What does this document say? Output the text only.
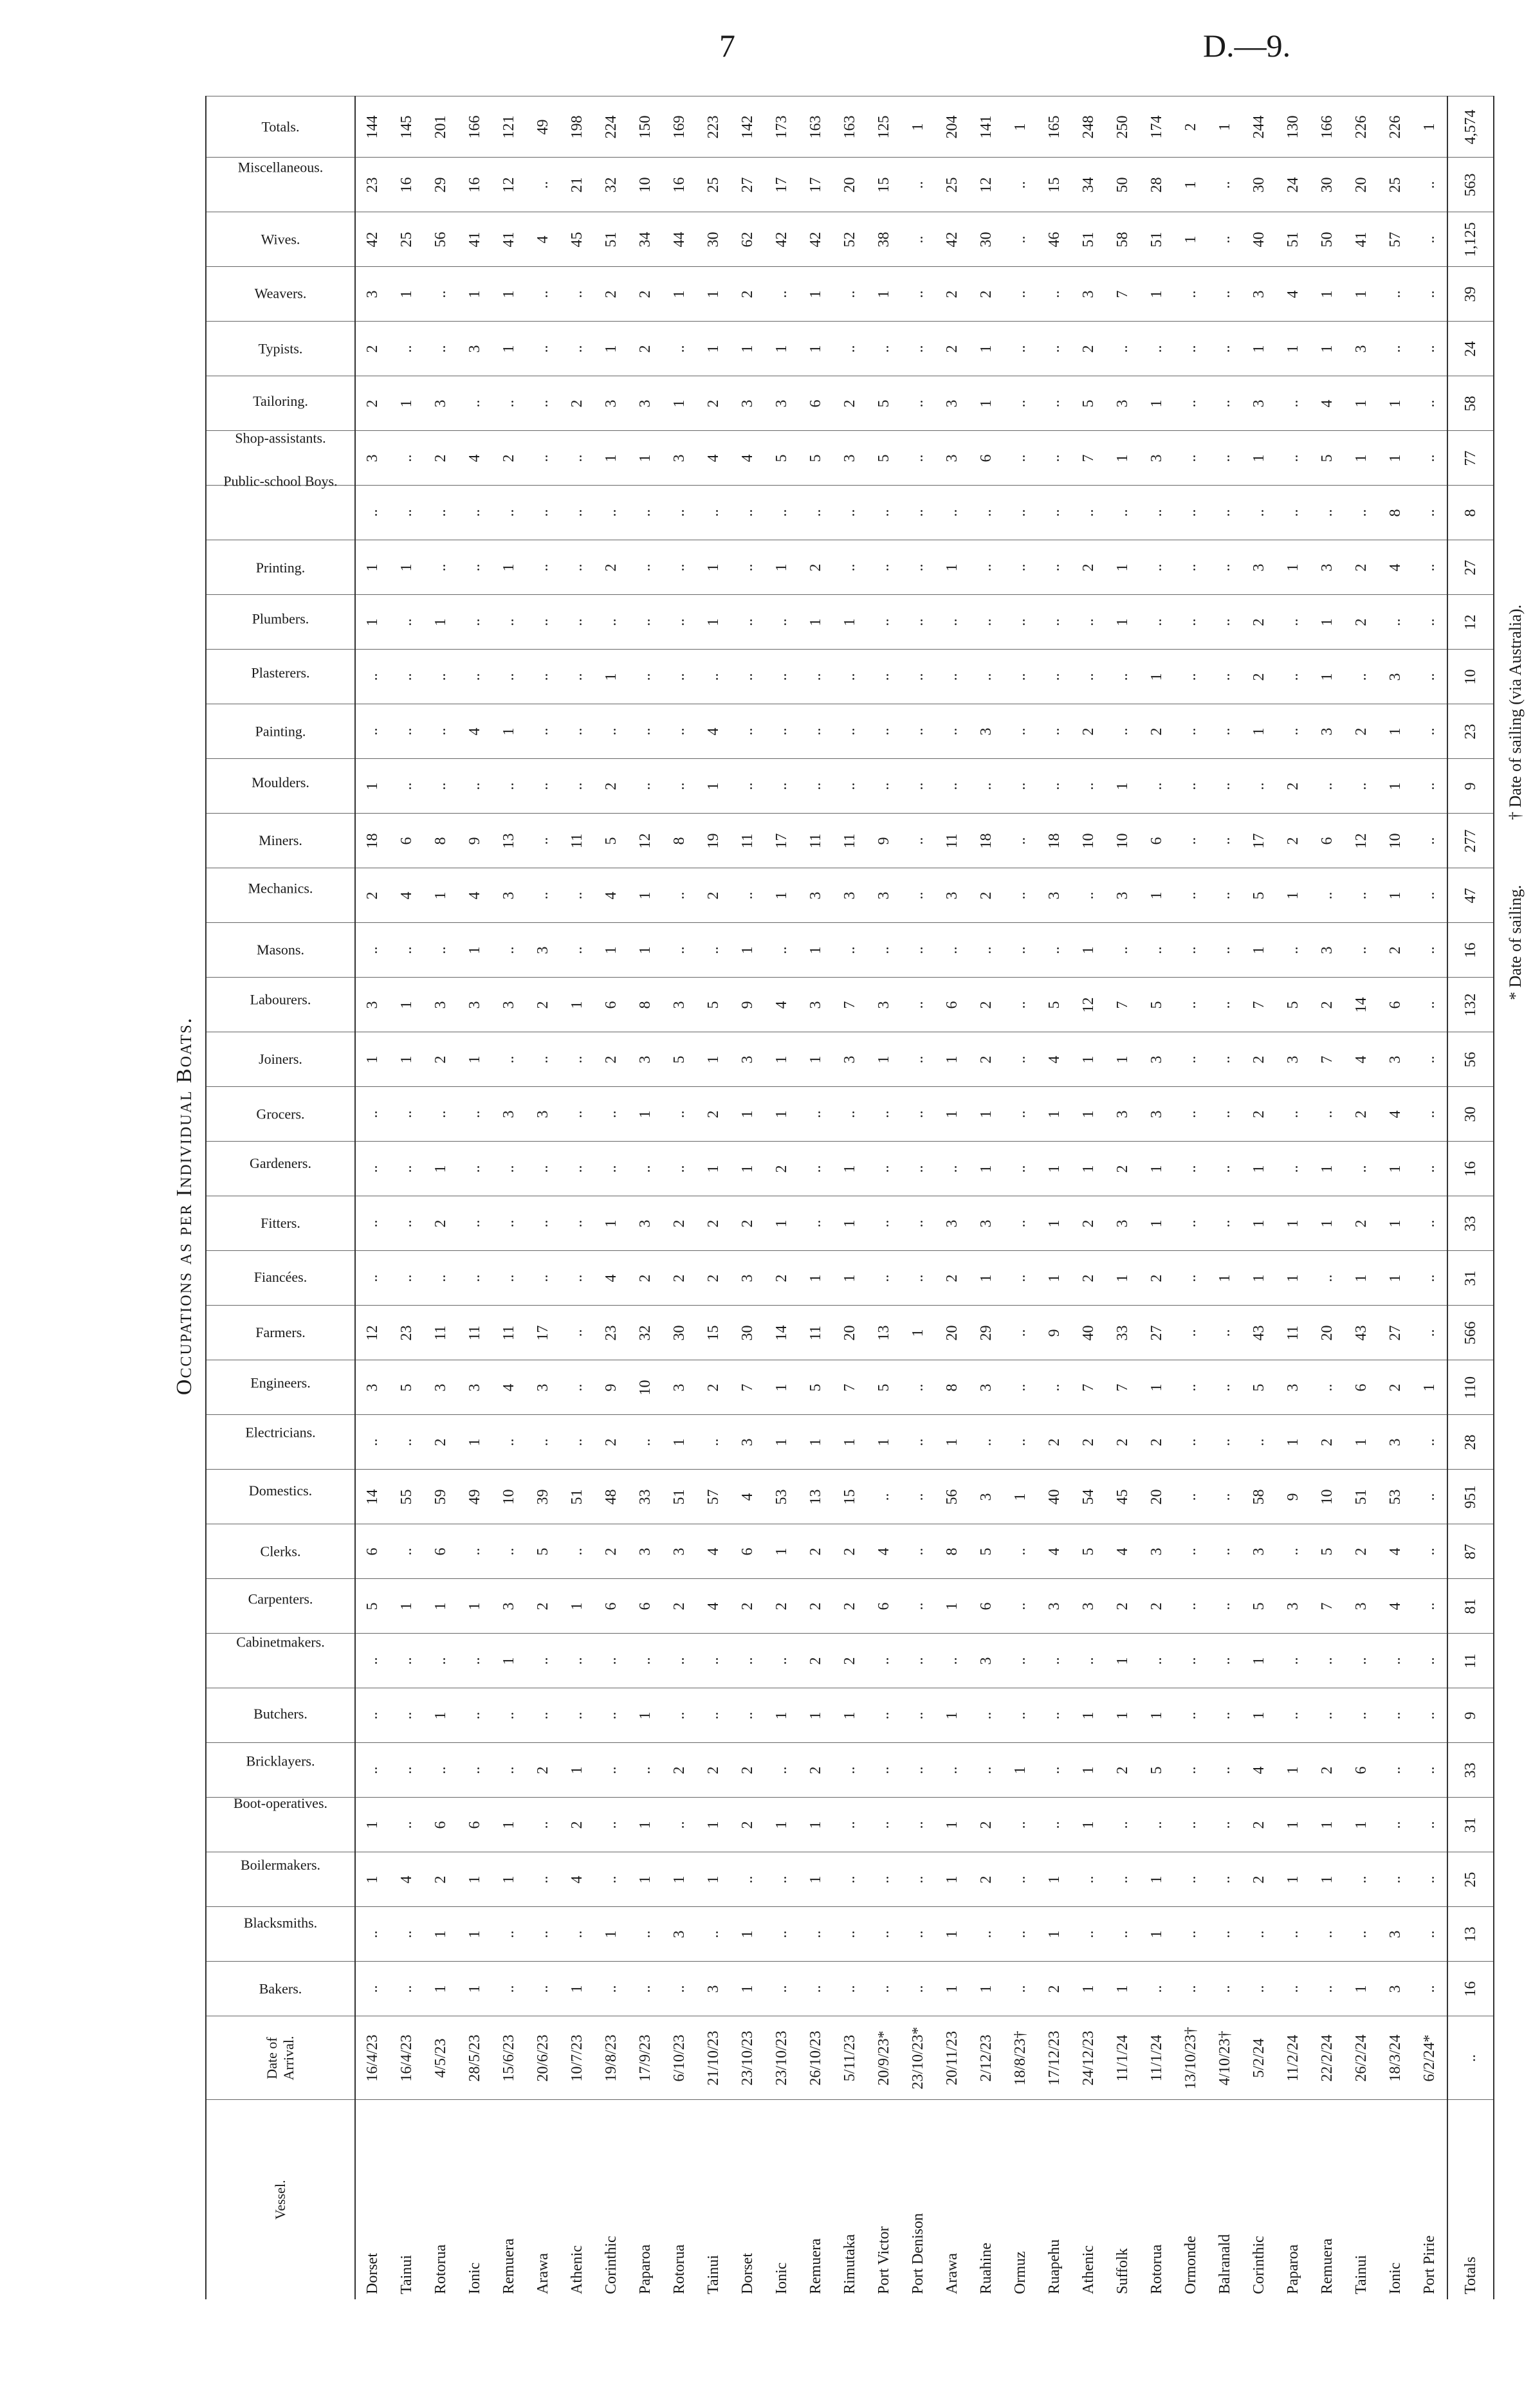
7	D.—9.
Occupations as per Individual Boats.
Vessel.	Date of Arrival.	Bakers.	Blacksmiths.	Boilermakers.	Boot-operatives.	Bricklayers.	Butchers.	Cabinetmakers.	Carpenters.	Clerks.	Domestics.	Electricians.	Engineers.	Farmers.	Fiancées.	Fitters.	Gardeners.	Grocers.	Joiners.	Labourers.	Masons.	Mechanics.	Miners.	Moulders.	Painting.	Plasterers.	Plumbers.	Printing.	Public-school Boys.	Shop-assistants.	Tailoring.	Typists.	Weavers.	Wives.	Miscellaneous.	Totals.
Dorset	16/4/23	..	..	1	1	..	..	..	5	6	14	..	3	12	..	..	..	..	1	3	..	2	18	1	..	..	1	1	..	3	2	2	3	42	23	144
Tainui	16/4/23	..	..	4	..	..	..	..	1	..	55	..	5	23	..	..	..	..	1	1	..	4	6	..	..	..	..	1	..	..	1	..	1	25	16	145
Rotorua	4/5/23	1	1	2	6	..	1	..	1	6	59	2	3	11	..	2	1	..	2	3	..	1	8	..	..	..	1	..	..	2	3	..	..	56	29	201
Ionic	28/5/23	1	1	1	6	..	..	..	1	..	49	1	3	11	..	..	..	..	1	3	1	4	9	..	4	..	..	..	..	4	..	3	1	41	16	166
Remuera	15/6/23	..	..	1	1	..	..	1	3	..	10	..	4	11	..	..	..	3	..	3	..	3	13	..	1	..	..	1	..	2	..	1	1	41	12	121
Arawa	20/6/23	..	..	..	..	2	..	..	2	5	39	..	3	17	..	..	..	3	..	2	3	..	..	..	..	..	..	..	..	..	..	..	..	4	..	49
Athenic	10/7/23	1	..	4	2	1	..	..	1	..	51	..	..	..	..	..	..	..	..	1	..	..	11	..	..	..	..	..	..	..	2	..	..	45	21	198
Corinthic	19/8/23	..	1	..	..	..	..	..	6	2	48	2	9	23	4	1	..	..	2	6	1	4	5	2	..	1	..	2	..	1	3	1	2	51	32	224
Paparoa	17/9/23	..	..	1	1	..	1	..	6	3	33	..	10	32	2	3	..	1	3	8	1	1	12	..	..	..	..	..	..	1	3	2	2	34	10	150
Rotorua	6/10/23	..	3	1	..	2	..	..	2	3	51	1	3	30	2	2	..	..	5	3	..	..	8	..	..	..	..	..	..	3	1	..	1	44	16	169
Tainui	21/10/23	3	..	1	1	2	..	..	4	4	57	..	2	15	2	2	1	2	1	5	..	2	19	1	4	..	1	1	..	4	2	1	1	30	25	223
Dorset	23/10/23	1	1	..	2	2	..	..	2	6	4	3	7	30	3	2	1	1	3	9	1	..	11	..	..	..	..	..	..	4	3	1	2	62	27	142
Ionic	23/10/23	..	..	..	1	..	1	..	2	1	53	1	1	14	2	1	2	1	1	4	..	1	17	..	..	..	..	1	..	5	3	1	..	42	17	173
Remuera	26/10/23	..	..	1	1	2	1	2	2	2	13	1	5	11	1	..	..	..	1	3	1	3	11	..	..	..	1	2	..	5	6	1	1	42	17	163
Rimutaka	5/11/23	..	..	..	..	..	1	2	2	2	15	1	7	20	1	1	1	..	3	7	..	3	11	..	..	..	1	..	..	3	2	..	..	52	20	163
Port Victor	20/9/23*	..	..	..	..	..	..	..	6	4	..	1	5	13	..	..	..	..	1	3	..	3	9	..	..	..	..	..	..	5	5	..	1	38	15	125
Port Denison	23/10/23*	..	..	..	..	..	..	..	..	..	..	..	..	1	..	..	..	..	..	..	..	..	..	..	..	..	..	..	..	..	..	..	..	..	..	1
Arawa	20/11/23	1	1	1	1	..	1	..	1	8	56	1	8	20	2	3	..	1	1	6	..	3	11	..	..	..	..	1	..	3	3	2	2	42	25	204
Ruahine	2/12/23	1	..	2	2	..	..	3	6	5	3	..	3	29	1	3	1	1	2	2	..	2	18	..	3	..	..	..	..	6	1	1	2	30	12	141
Ormuz	18/8/23†	..	..	..	..	1	..	..	..	..	1	..	..	..	..	..	..	..	..	..	..	..	..	..	..	..	..	..	..	..	..	..	..	..	..	1
Ruapehu	17/12/23	2	1	1	..	..	..	..	3	4	40	2	..	9	1	1	1	1	4	5	..	3	18	..	..	..	..	..	..	..	..	..	..	46	15	165
Athenic	24/12/23	1	..	..	1	1	1	..	3	5	54	2	7	40	2	2	1	1	1	12	1	..	10	..	2	..	..	2	..	7	5	2	3	51	34	248
Suffolk	11/1/24	1	..	..	..	2	1	1	2	4	45	2	7	33	1	3	2	3	1	7	..	3	10	1	..	..	1	1	..	1	3	..	7	58	50	250
Rotorua	11/1/24	..	1	1	..	5	1	..	2	3	20	2	1	27	2	1	1	3	3	5	..	1	6	..	2	1	..	..	..	3	1	..	1	51	28	174
Ormonde	13/10/23†	..	..	..	..	..	..	..	..	..	..	..	..	..	..	..	..	..	..	..	..	..	..	..	..	..	..	..	..	..	..	..	..	1	1	2
Balranald	4/10/23†	..	..	..	..	..	..	..	..	..	..	..	..	..	1	..	..	..	..	..	..	..	..	..	..	..	..	..	..	..	..	..	..	..	..	1
Corinthic	5/2/24	..	..	2	2	4	1	1	5	3	58	..	5	43	1	1	1	2	2	7	1	5	17	..	1	2	2	3	..	1	3	1	3	40	30	244
Paparoa	11/2/24	..	..	1	1	1	..	..	3	..	9	1	3	11	1	1	..	..	3	5	..	1	2	2	..	..	..	1	..	..	..	1	4	51	24	130
Remuera	22/2/24	..	..	1	1	2	..	..	7	5	10	2	..	20	..	1	1	..	7	2	3	..	6	..	3	1	1	3	..	5	4	1	1	50	30	166
Tainui	26/2/24	1	..	..	1	6	..	..	3	2	51	1	6	43	1	2	..	2	4	14	..	..	12	..	2	..	2	2	..	1	1	3	1	41	20	226
Ionic	18/3/24	3	3	..	..	..	..	..	4	4	53	3	2	27	1	1	1	4	3	6	2	1	10	1	1	3	..	4	8	1	1	..	..	57	25	226
Port Pirie	6/2/24*	..	..	..	..	..	..	..	..	..	..	..	1	..	..	..	..	..	..	..	..	..	..	..	..	..	..	..	..	..	..	..	..	..	..	1
Totals	..	16	13	25	31	33	9	11	81	87	951	28	110	566	31	33	16	30	56	132	16	47	277	9	23	10	12	27	8	77	58	24	39	1,125	563	4,574
* Date of sailing.
† Date of sailing (via Australia).
